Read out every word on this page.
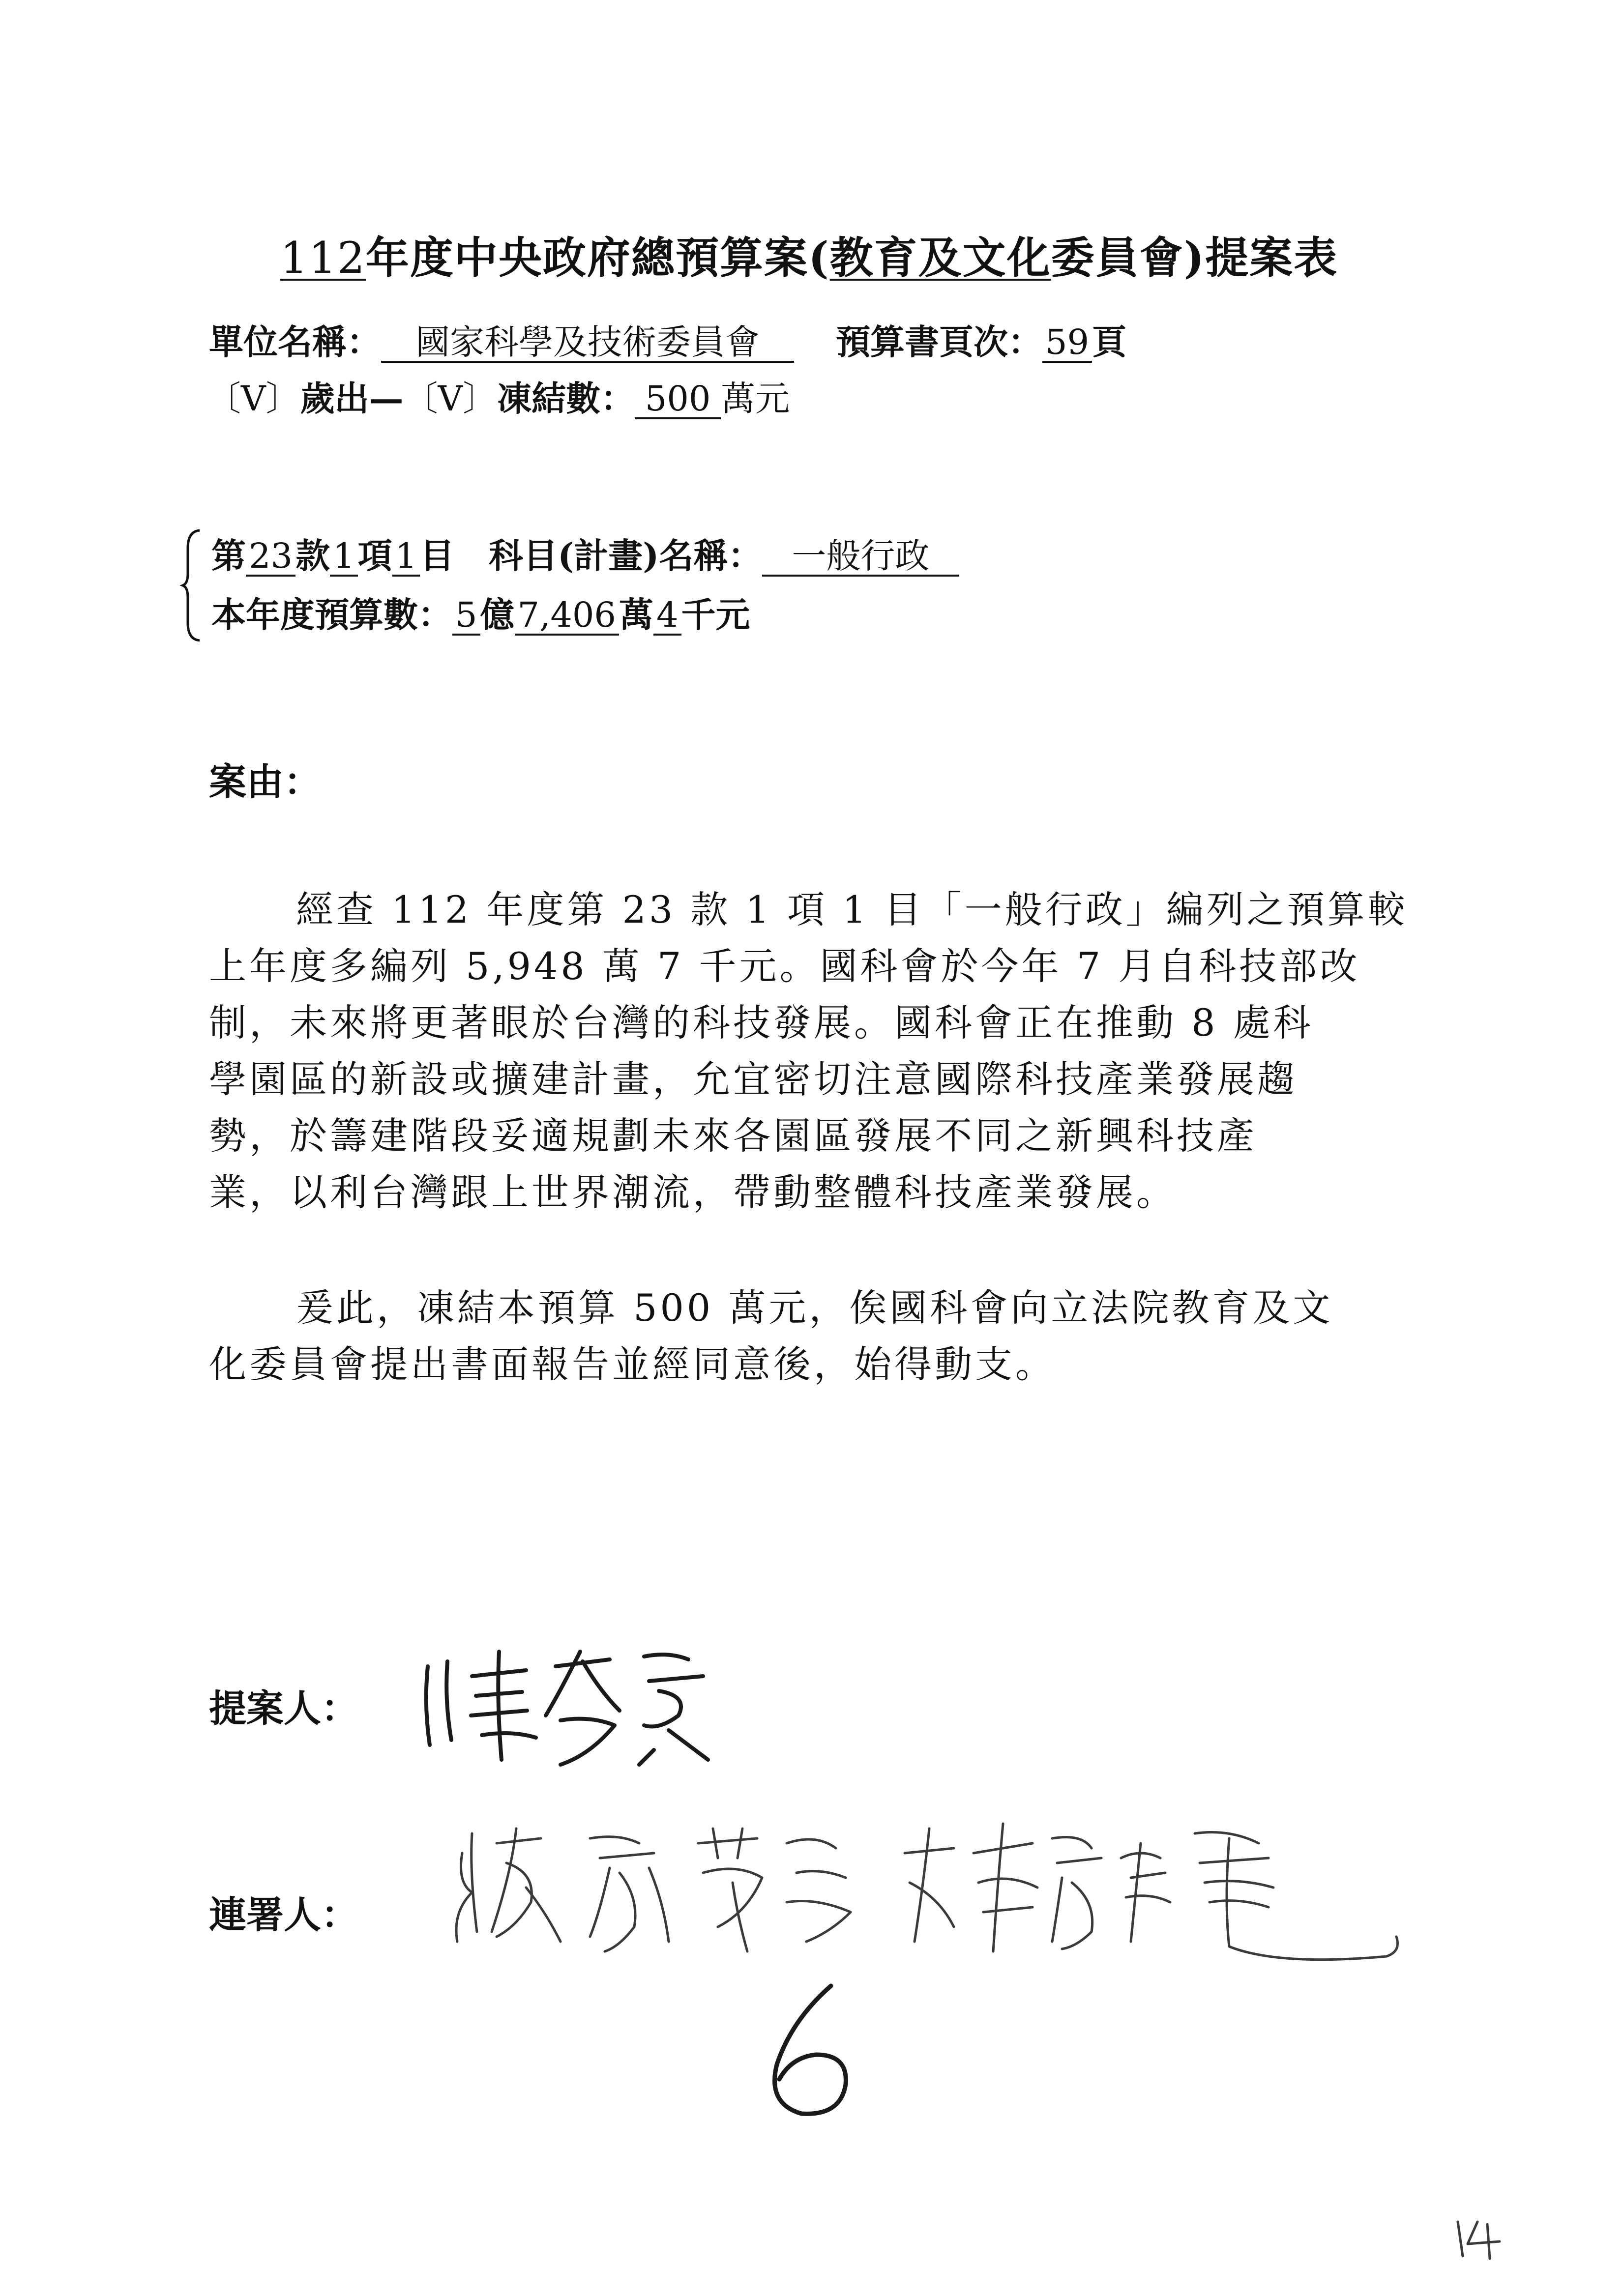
112年度中央政府總預算案(教育及文化委員會)提案表
單位名稱： 國家科學及技術委員會 預算書頁次：59頁
〔V〕歲出—〔V〕凍結數： 500 萬元
第23款1項1目 科目(計畫)名稱： 一般行政
本年度預算數：5億7,406萬4千元
案由：
經查 112 年度第 23 款 1 項 1 目「一般行政」編列之預算較
上年度多編列 5,948 萬 7 千元。國科會於今年 7 月自科技部改
制，未來將更著眼於台灣的科技發展。國科會正在推動 8 處科
學園區的新設或擴建計畫，允宜密切注意國際科技產業發展趨
勢，於籌建階段妥適規劃未來各園區發展不同之新興科技產
業，以利台灣跟上世界潮流，帶動整體科技產業發展。
爰此，凍結本預算 500 萬元，俟國科會向立法院教育及文
化委員會提出書面報告並經同意後，始得動支。
提案人：
連署人：
